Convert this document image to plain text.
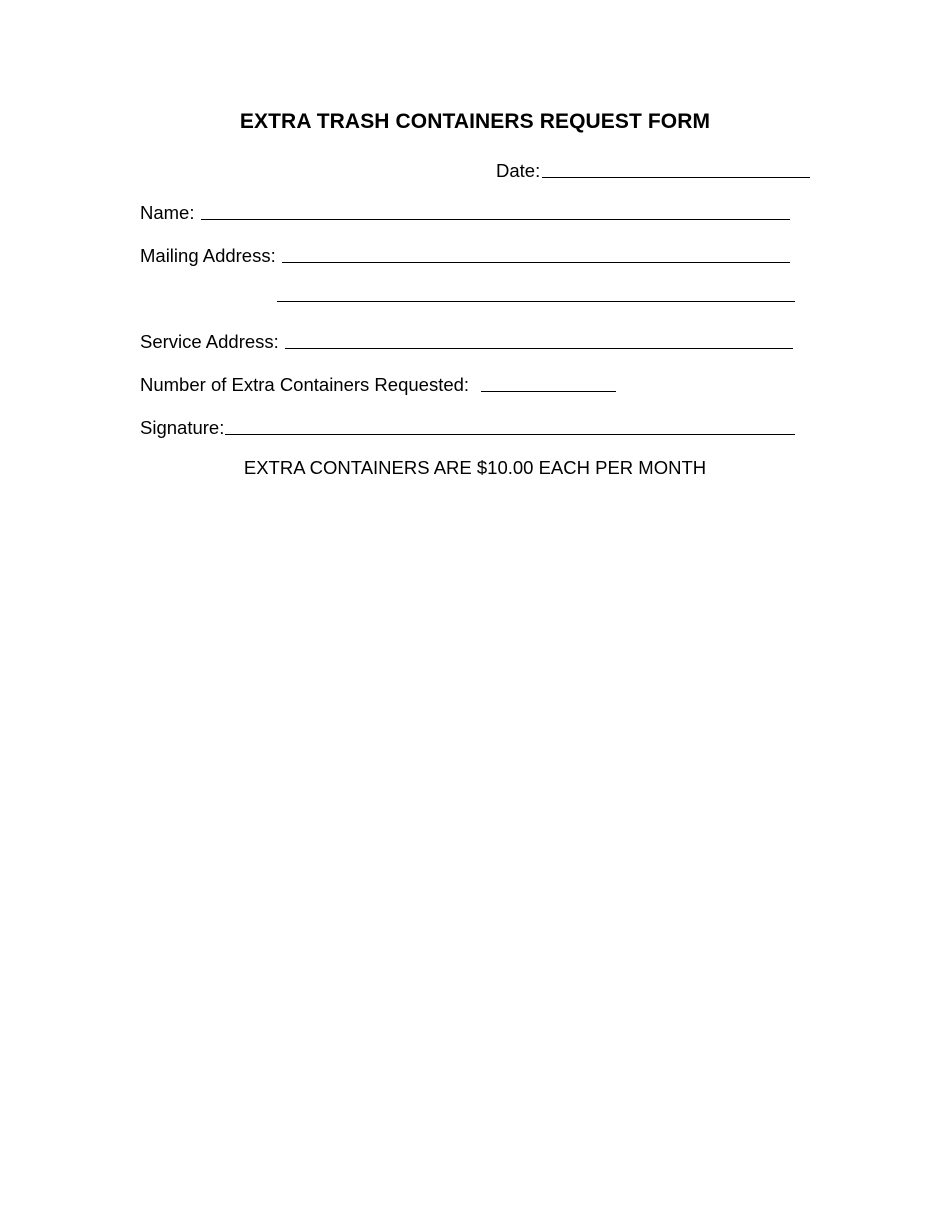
EXTRA TRASH CONTAINERS REQUEST FORM
Date:
Name:
Mailing Address:
Service Address:
Number of Extra Containers Requested:
Signature:
EXTRA CONTAINERS ARE $10.00 EACH PER MONTH
